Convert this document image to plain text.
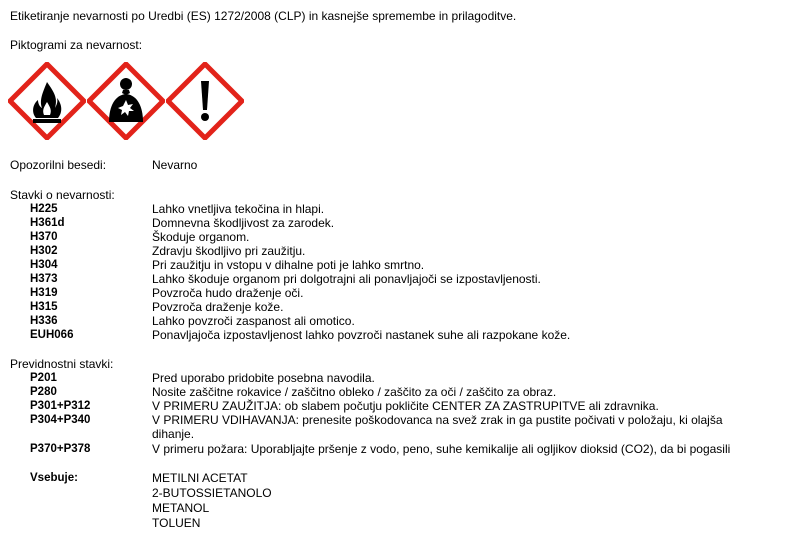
Etiketiranje nevarnosti po Uredbi (ES) 1272/2008 (CLP) in kasnejše spremembe in prilagoditve.
Piktogrami za nevarnost:
Opozorilni besedi:	Nevarno
Stavki o nevarnosti:
H225	Lahko vnetljiva tekočina in hlapi.
H361d	Domnevna škodljivost za zarodek.
H370	Škoduje organom.
H302	Zdravju škodljivo pri zaužitju.
H304	Pri zaužitju in vstopu v dihalne poti je lahko smrtno.
H373	Lahko škoduje organom pri dolgotrajni ali ponavljajoči se izpostavljenosti.
H319	Povzroča hudo draženje oči.
H315	Povzroča draženje kože.
H336	Lahko povzroči zaspanost ali omotico.
EUH066	Ponavljajoča izpostavljenost lahko povzroči nastanek suhe ali razpokane kože.
Previdnostni stavki:
P201	Pred uporabo pridobite posebna navodila.
P280	Nosite zaščitne rokavice / zaščitno obleko / zaščito za oči / zaščito za obraz.
P301+P312	V PRIMERU ZAUŽITJA: ob slabem počutju pokličite CENTER ZA ZASTRUPITVE ali zdravnika.
P304+P340	V PRIMERU VDIHAVANJA: prenesite poškodovanca na svež zrak in ga pustite počivati v položaju, ki olajša
dihanje.
P370+P378	V primeru požara: Uporabljajte pršenje z vodo, peno, suhe kemikalije ali ogljikov dioksid (CO2), da bi pogasili
Vsebuje:	METILNI ACETAT
2-BUTOSSIETANOLO
METANOL
TOLUEN
